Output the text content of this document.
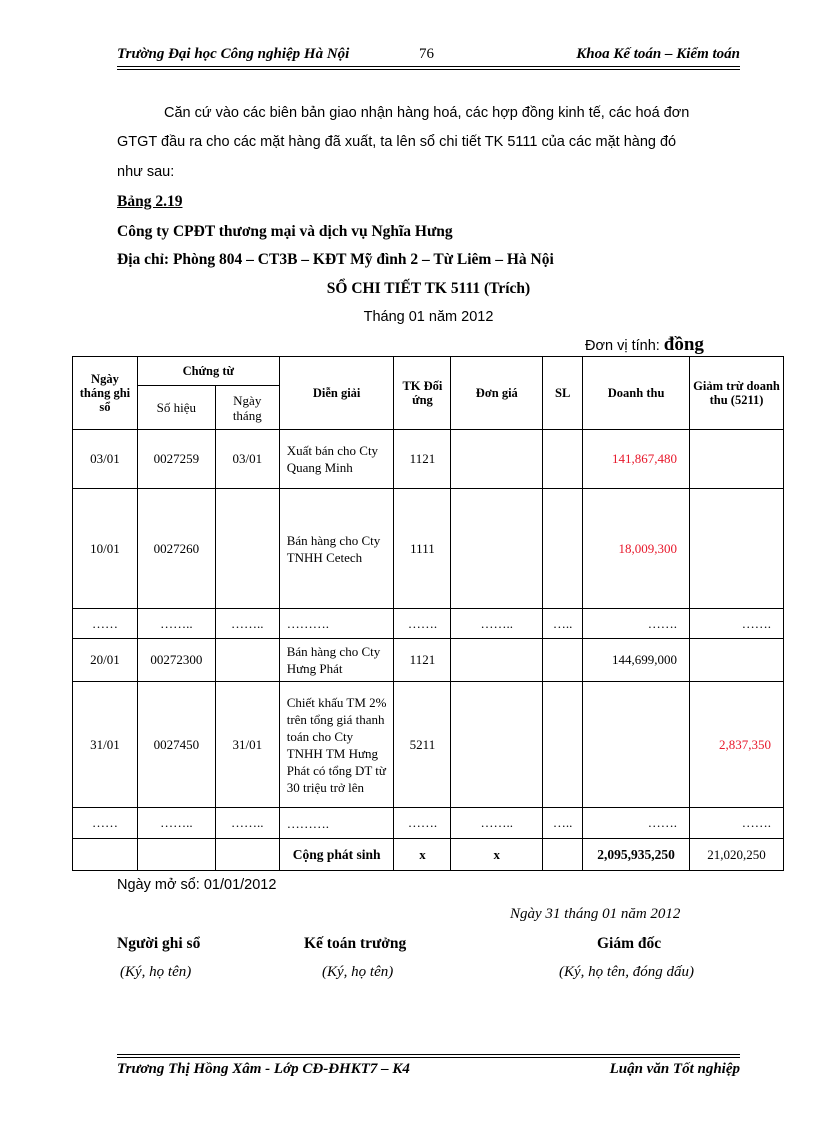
Trường Đại học Công nghiệp Hà Nội	76	Khoa Kế toán – Kiểm toán
Căn cứ vào các biên bản giao nhận hàng hoá, các hợp đồng kinh tế, các hoá đơn
GTGT đầu ra cho các mặt hàng đã xuất, ta lên sổ chi tiết TK 5111 của các mặt hàng đó
như sau:
Bảng 2.19
Công ty CPĐT thương mại và dịch vụ Nghĩa Hưng
Địa chỉ: Phòng 804 – CT3B – KĐT Mỹ đình 2 – Từ Liêm – Hà Nội
SỔ CHI TIẾT TK 5111 (Trích)
Tháng 01 năm 2012
Đơn vị tính: đồng
Ngày tháng ghi sổ	Chứng từ		Diễn giải	TK Đối ứng	Đơn giá	SL	Doanh thu	Giảm trừ doanh thu (5211)
	Số hiệu	Ngày tháng						
03/01	0027259	03/01	Xuất bán cho Cty Quang Minh	1121			141,867,480	
10/01	0027260		Bán hàng cho Cty TNHH Cetech	1111			18,009,300	
……	……..	……..	……….	…….	……..	…..	…….	…….
20/01	00272300		Bán hàng cho Cty Hưng Phát	1121			144,699,000	
31/01	0027450	31/01	Chiết khấu TM 2% trên tổng giá thanh toán cho Cty TNHH TM Hưng Phát có tổng DT từ 30 triệu trở lên	5211				2,837,350
……	……..	……..	……….	…….	……..	…..	…….	…….
			Cộng phát sinh	x	x		2,095,935,250	21,020,250
Ngày mở sổ: 01/01/2012
Ngày 31 tháng 01 năm 2012
Người ghi sổ	Kế toán trưởng	Giám đốc
(Ký, họ tên)	(Ký, họ tên)	(Ký, họ tên, đóng dấu)
Trương Thị Hồng Xâm - Lớp CĐ-ĐHKT7 – K4	Luận văn Tốt nghiệp
